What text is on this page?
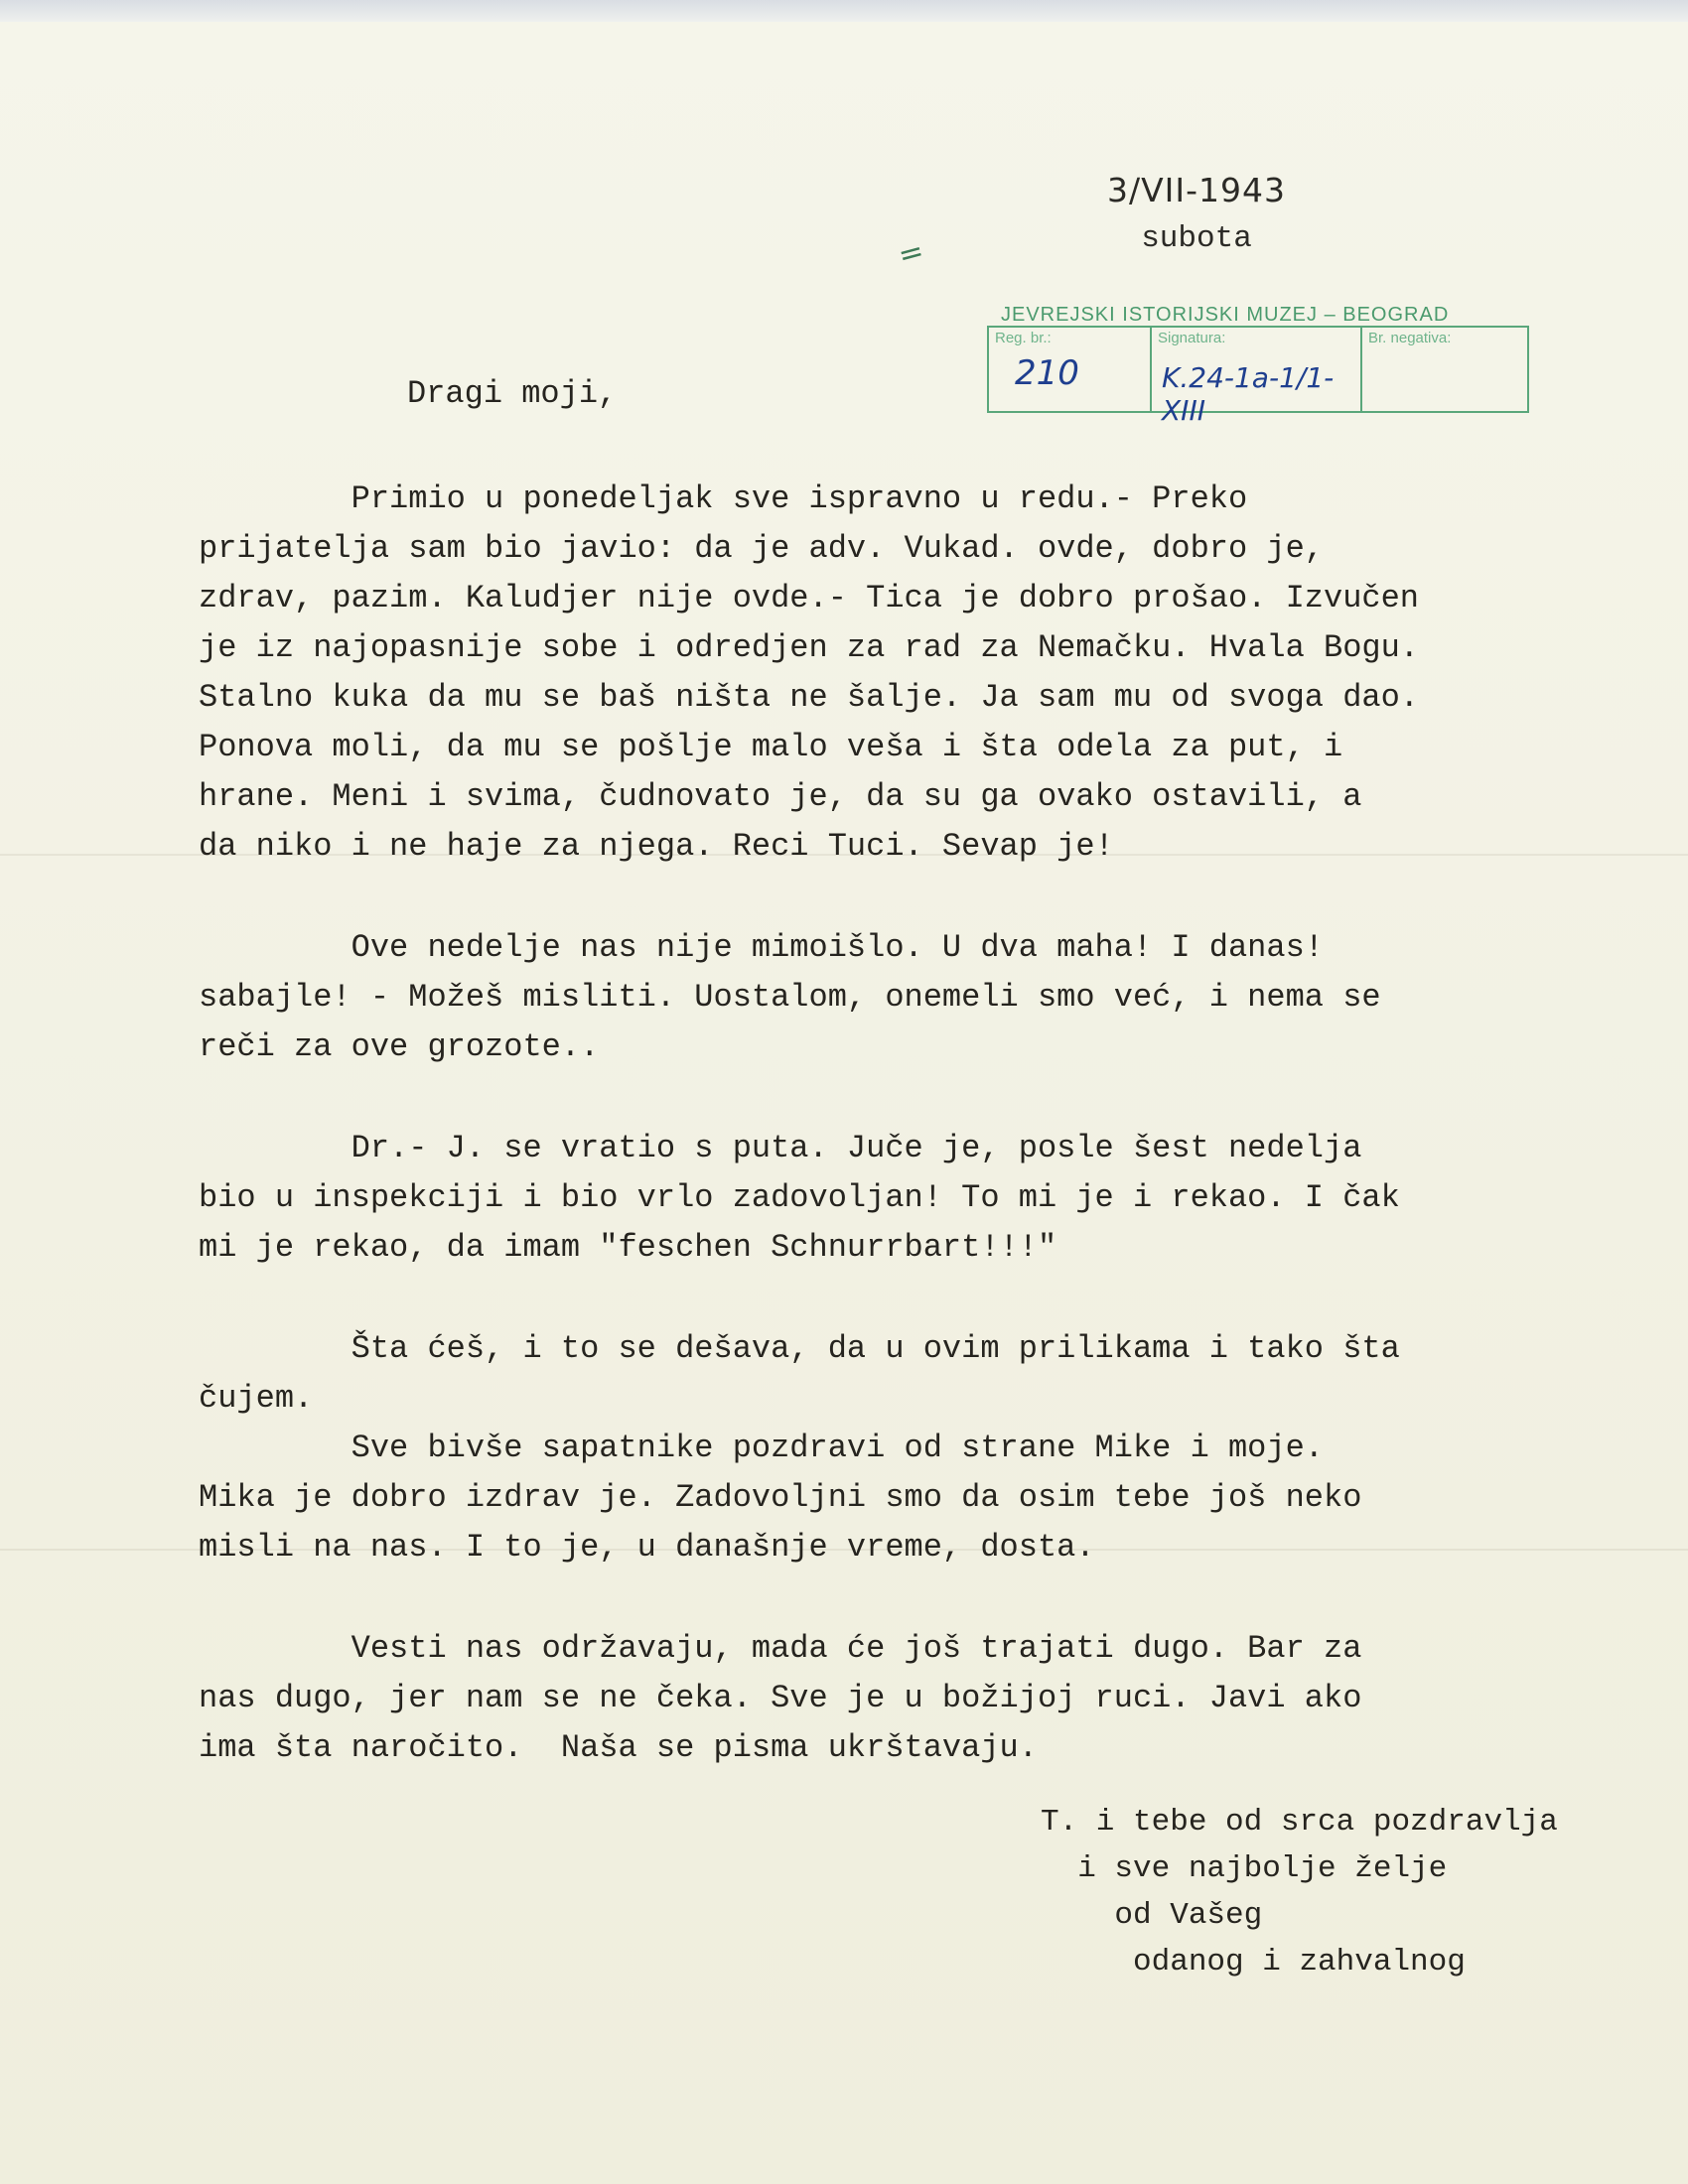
3/VII-1943
subota
=
JEVREJSKI ISTORIJSKI MUZEJ – BEOGRAD
Reg. br.:
210
Signatura:
K.24-1a-1/1-XIII
Br. negativa:
Dragi moji,

	Primio u ponedeljak sve ispravno u redu.- Preko
prijatelja sam bio javio: da je adv. Vukad. ovde, dobro je,
zdrav, pazim. Kaludjer nije ovde.- Tica je dobro prošao. Izvučen
je iz najopasnije sobe i odredjen za rad za Nemačku. Hvala Bogu.
Stalno kuka da mu se baš ništa ne šalje. Ja sam mu od svoga dao.
Ponova moli, da mu se pošlje malo veša i šta odela za put, i
hrane. Meni i svima, čudnovato je, da su ga ovako ostavili, a
da niko i ne haje za njega. Reci Tuci. Sevap je!

	Ove nedelje nas nije mimoišlo. U dva maha! I danas!
sabajle! - Možeš misliti. Uostalom, onemeli smo već, i nema se
reči za ove grozote..

	Dr.- J. se vratio s puta. Juče je, posle šest nedelja
bio u inspekciji i bio vrlo zadovoljan! To mi je i rekao. I čak
mi je rekao, da imam "feschen Schnurrbart!!!"

	Šta ćeš, i to se dešava, da u ovim prilikama i tako šta
čujem.
	Sve bivše sapatnike pozdravi od strane Mike i moje.
Mika je dobro izdrav je. Zadovoljni smo da osim tebe još neko
misli na nas. I to je, u današnje vreme, dosta.

	Vesti nas održavaju, mada će još trajati dugo. Bar za
nas dugo, jer nam se ne čeka. Sve je u božijoj ruci. Javi ako
ima šta naročito.  Naša se pisma ukrštavaju.

T. i tebe od srca pozdravlja
i sve najbolje želje
od Vašeg
odanog i zahvalnog
